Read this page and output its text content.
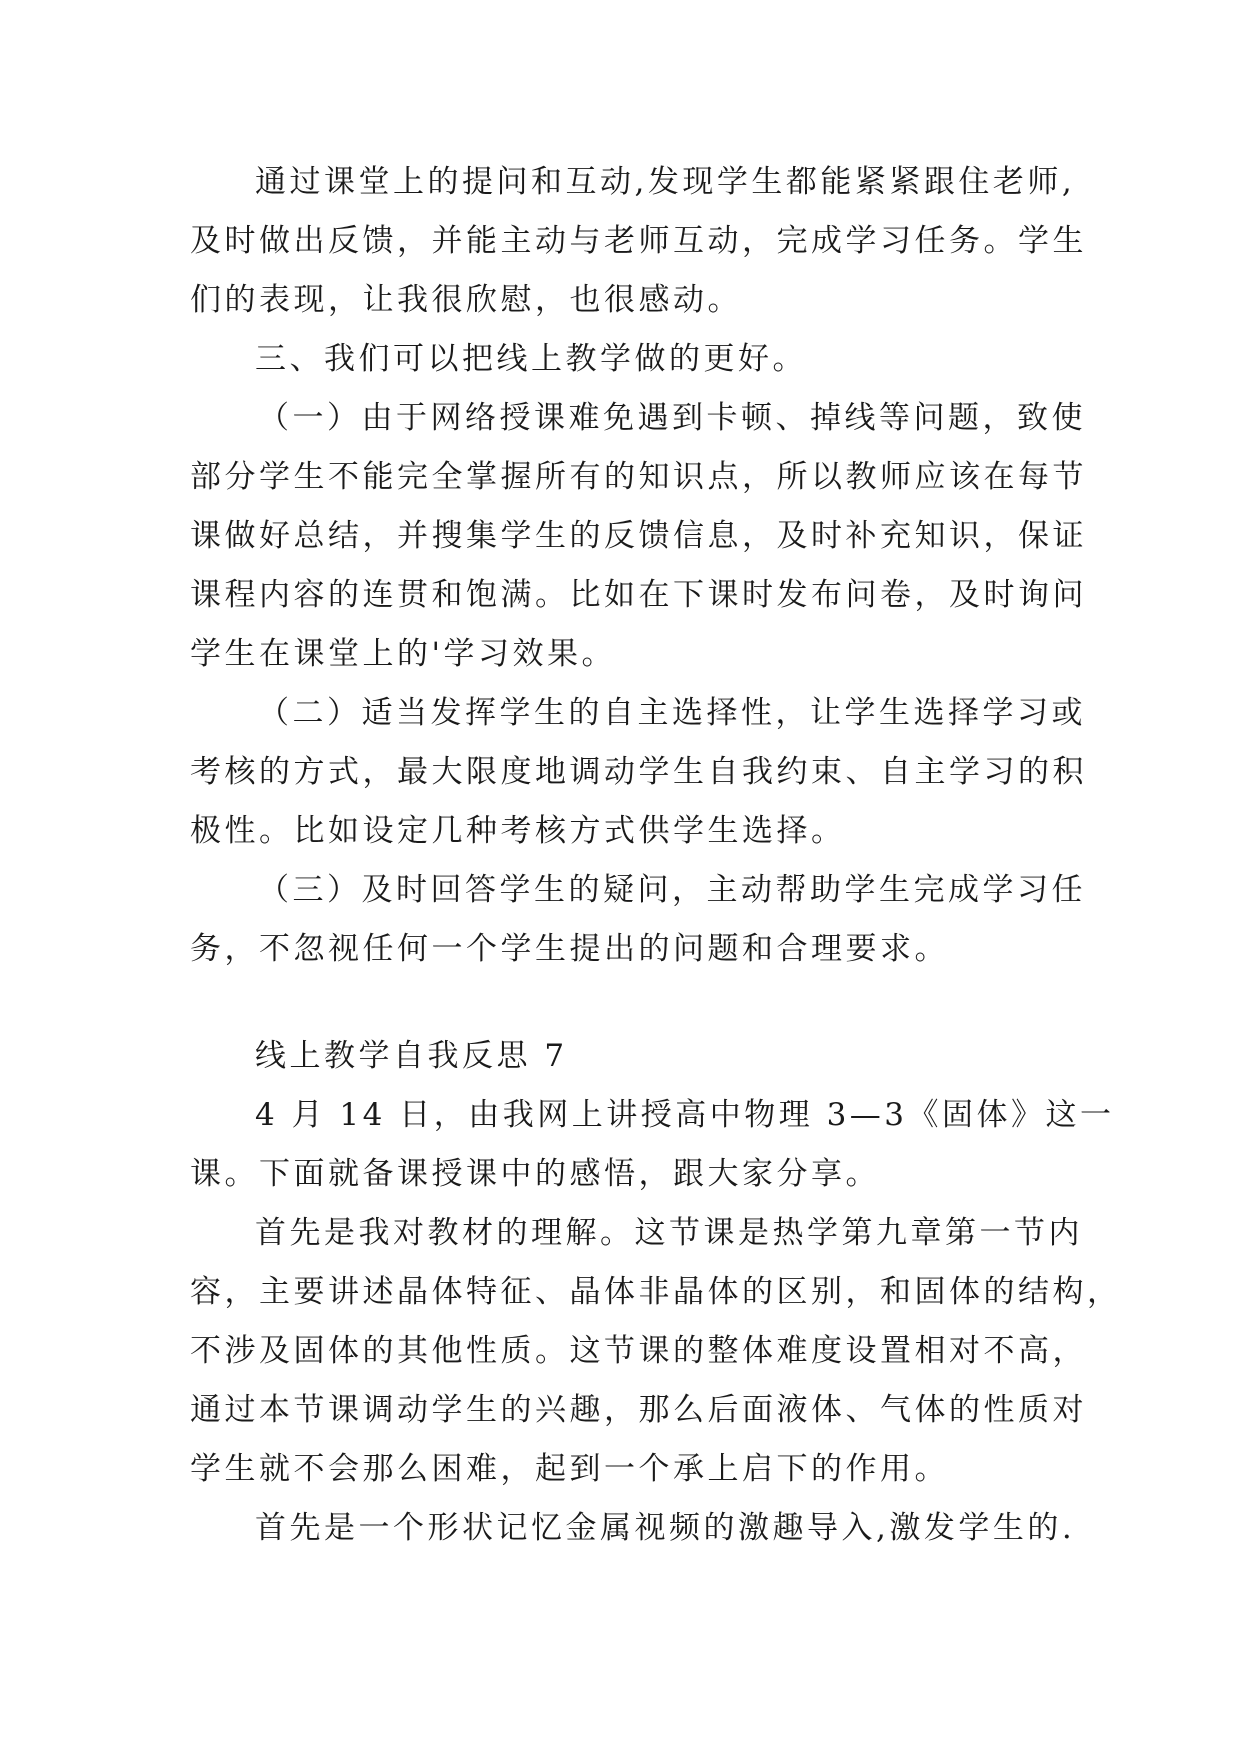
通过课堂上的提问和互动,发现学生都能紧紧跟住老师,
及时做出反馈，并能主动与老师互动，完成学习任务。学生
们的表现，让我很欣慰，也很感动。
三、我们可以把线上教学做的更好。
（一）由于网络授课难免遇到卡顿、掉线等问题，致使
部分学生不能完全掌握所有的知识点，所以教师应该在每节
课做好总结，并搜集学生的反馈信息，及时补充知识，保证
课程内容的连贯和饱满。比如在下课时发布问卷，及时询问
学生在课堂上的'学习效果。
（二）适当发挥学生的自主选择性，让学生选择学习或
考核的方式，最大限度地调动学生自我约束、自主学习的积
极性。比如设定几种考核方式供学生选择。
（三）及时回答学生的疑问，主动帮助学生完成学习任
务，不忽视任何一个学生提出的问题和合理要求。
线上教学自我反思 7
4 月 14 日，由我网上讲授高中物理 3—3《固体》这一
课。下面就备课授课中的感悟，跟大家分享。
首先是我对教材的理解。这节课是热学第九章第一节内
容，主要讲述晶体特征、晶体非晶体的区别，和固体的结构，
不涉及固体的其他性质。这节课的整体难度设置相对不高，
通过本节课调动学生的兴趣，那么后面液体、气体的性质对
学生就不会那么困难，起到一个承上启下的作用。
首先是一个形状记忆金属视频的激趣导入,激发学生的.
